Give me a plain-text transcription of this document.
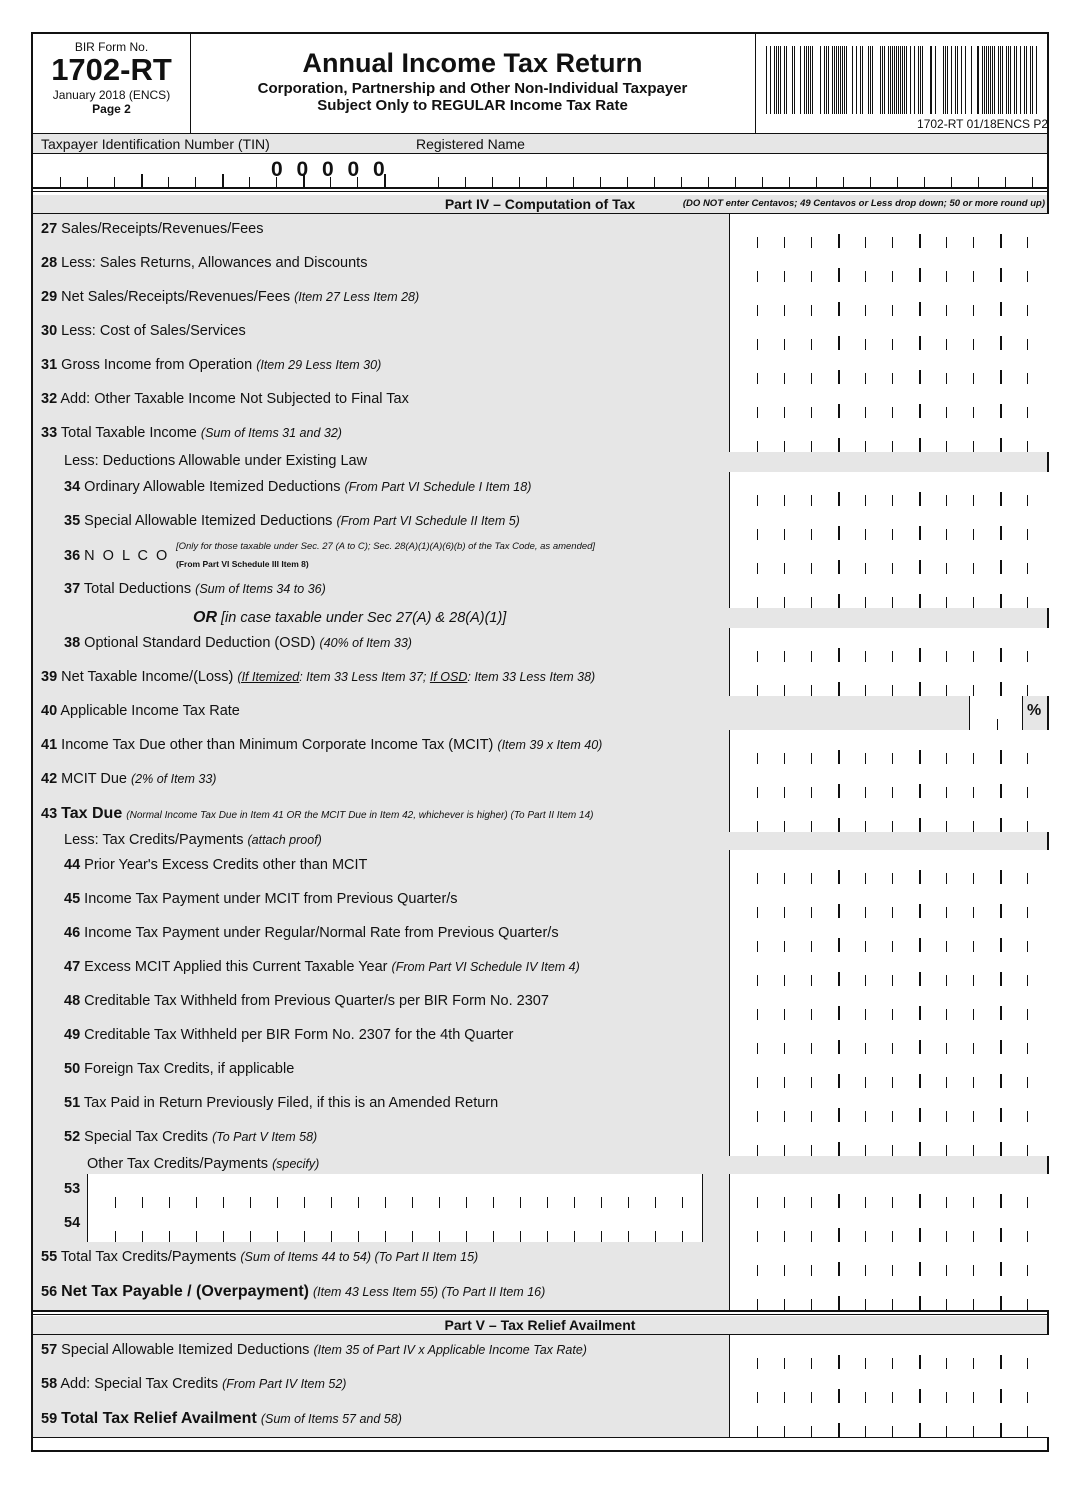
BIR Form No.
1702-RT
January 2018 (ENCS)
Page 2
Annual Income Tax Return
Corporation, Partnership and Other Non-Individual Taxpayer
Subject Only to REGULAR Income Tax Rate
1702-RT 01/18ENCS P2
Taxpayer Identification Number (TIN)	Registered Name
0 0 0 0 0
Part IV – Computation of Tax	(DO NOT enter Centavos; 49 Centavos or Less drop down; 50 or more round up)
27 Sales/Receipts/Revenues/Fees
28 Less: Sales Returns, Allowances and Discounts
29 Net Sales/Receipts/Revenues/Fees (Item 27 Less Item 28)
30 Less: Cost of Sales/Services
31 Gross Income from Operation (Item 29 Less Item 30)
32 Add: Other Taxable Income Not Subjected to Final Tax
33 Total Taxable Income (Sum of Items 31 and 32)
Less: Deductions Allowable under Existing Law
34 Ordinary Allowable Itemized Deductions (From Part VI Schedule I Item 18)
35 Special Allowable Itemized Deductions (From Part VI Schedule II Item 5)
36 N O L C O
[Only for those taxable under Sec. 27 (A to C); Sec. 28(A)(1)(A)(6)(b) of the Tax Code, as amended]
(From Part VI Schedule III Item 8)
37 Total Deductions (Sum of Items 34 to 36)
OR [in case taxable under Sec 27(A) & 28(A)(1)]
38 Optional Standard Deduction (OSD) (40% of Item 33)
39 Net Taxable Income/(Loss) (If Itemized: Item 33 Less Item 37; If OSD: Item 33 Less Item 38)
40 Applicable Income Tax Rate	%
41 Income Tax Due other than Minimum Corporate Income Tax (MCIT) (Item 39 x Item 40)
42 MCIT Due (2% of Item 33)
43 Tax Due (Normal Income Tax Due in Item 41 OR the MCIT Due in Item 42, whichever is higher) (To Part II Item 14)
Less: Tax Credits/Payments (attach proof)
44 Prior Year's Excess Credits other than MCIT
45 Income Tax Payment under MCIT from Previous Quarter/s
46 Income Tax Payment under Regular/Normal Rate from Previous Quarter/s
47 Excess MCIT Applied this Current Taxable Year (From Part VI Schedule IV Item 4)
48 Creditable Tax Withheld from Previous Quarter/s per BIR Form No. 2307
49 Creditable Tax Withheld per BIR Form No. 2307 for the 4th Quarter
50 Foreign Tax Credits, if applicable
51 Tax Paid in Return Previously Filed, if this is an Amended Return
52 Special Tax Credits (To Part V Item 58)
Other Tax Credits/Payments (specify)
53
54
55 Total Tax Credits/Payments (Sum of Items 44 to 54) (To Part II Item 15)
56 Net Tax Payable / (Overpayment) (Item 43 Less Item 55) (To Part II Item 16)
Part V – Tax Relief Availment
57 Special Allowable Itemized Deductions (Item 35 of Part IV x Applicable Income Tax Rate)
58 Add: Special Tax Credits (From Part IV Item 52)
59 Total Tax Relief Availment (Sum of Items 57 and 58)
